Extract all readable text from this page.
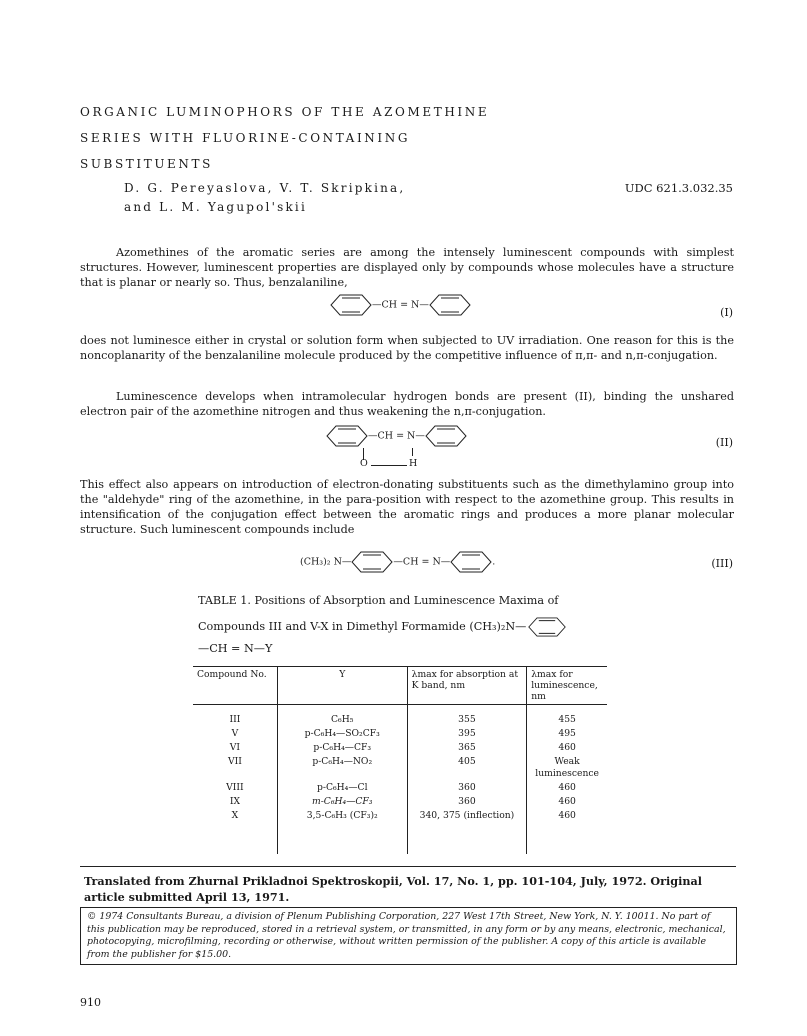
ORGANIC LUMINOPHORS OF THE AZOMETHINE
SERIES WITH FLUORINE-CONTAINING
SUBSTITUENTS
D. G. Pereyaslova, V. T. Skripkina,
and L. M. Yagupol'skii
UDC 621.3.032.35
Azomethines of the aromatic series are among the intensely luminescent compounds with simplest structures. However, luminescent properties are displayed only by compounds whose molecules have a structure that is planar or nearly so. Thus, benzalaniline,
—CH = N—
(I)
does not luminesce either in crystal or solution form when subjected to UV irradiation. One reason for this is the noncoplanarity of the benzalaniline molecule produced by the competitive influence of π,π- and n,π-conjugation.
Luminescence develops when intramolecular hydrogen bonds are present (II), binding the unshared electron pair of the azomethine nitrogen and thus weakening the n,π-conjugation.
—CH = N—
O	H
(II)
This effect also appears on introduction of electron-donating substituents such as the dimethylamino group into the "aldehyde" ring of the azomethine, in the para-position with respect to the azomethine group. This results in intensification of the conjugation effect between the aromatic rings and produces a more planar molecular structure. Such luminescent compounds include
(CH₃)₂ N—	—CH = N—	.	(III)
TABLE 1. Positions of Absorption and Luminescence Maxima of
Compounds III and V-X in Dimethyl Formamide (CH₃)₂N—
—CH = N—Y
Compound No.	Y	λmax for absorption at K band, nm	λmax for luminescence, nm
III	C₆H₅	355	455
V	p-C₆H₄—SO₂CF₃	395	495
VI	p-C₆H₄—CF₃	365	460
VII	p-C₆H₄—NO₂	405	Weak luminescence
VIII	p-C₆H₄—Cl	360	460
IX	m-C₆H₄—CF₃	360	460
X	3,5-C₆H₃ (CF₃)₂	340, 375 (inflection)	460
Translated from Zhurnal Prikladnoi Spektroskopii, Vol. 17, No. 1, pp. 101-104, July, 1972. Original article submitted April 13, 1971.
© 1974 Consultants Bureau, a division of Plenum Publishing Corporation, 227 West 17th Street, New York, N. Y. 10011. No part of this publication may be reproduced, stored in a retrieval system, or transmitted, in any form or by any means, electronic, mechanical, photocopying, microfilming, recording or otherwise, without written permission of the publisher. A copy of this article is available from the publisher for $15.00.
910
